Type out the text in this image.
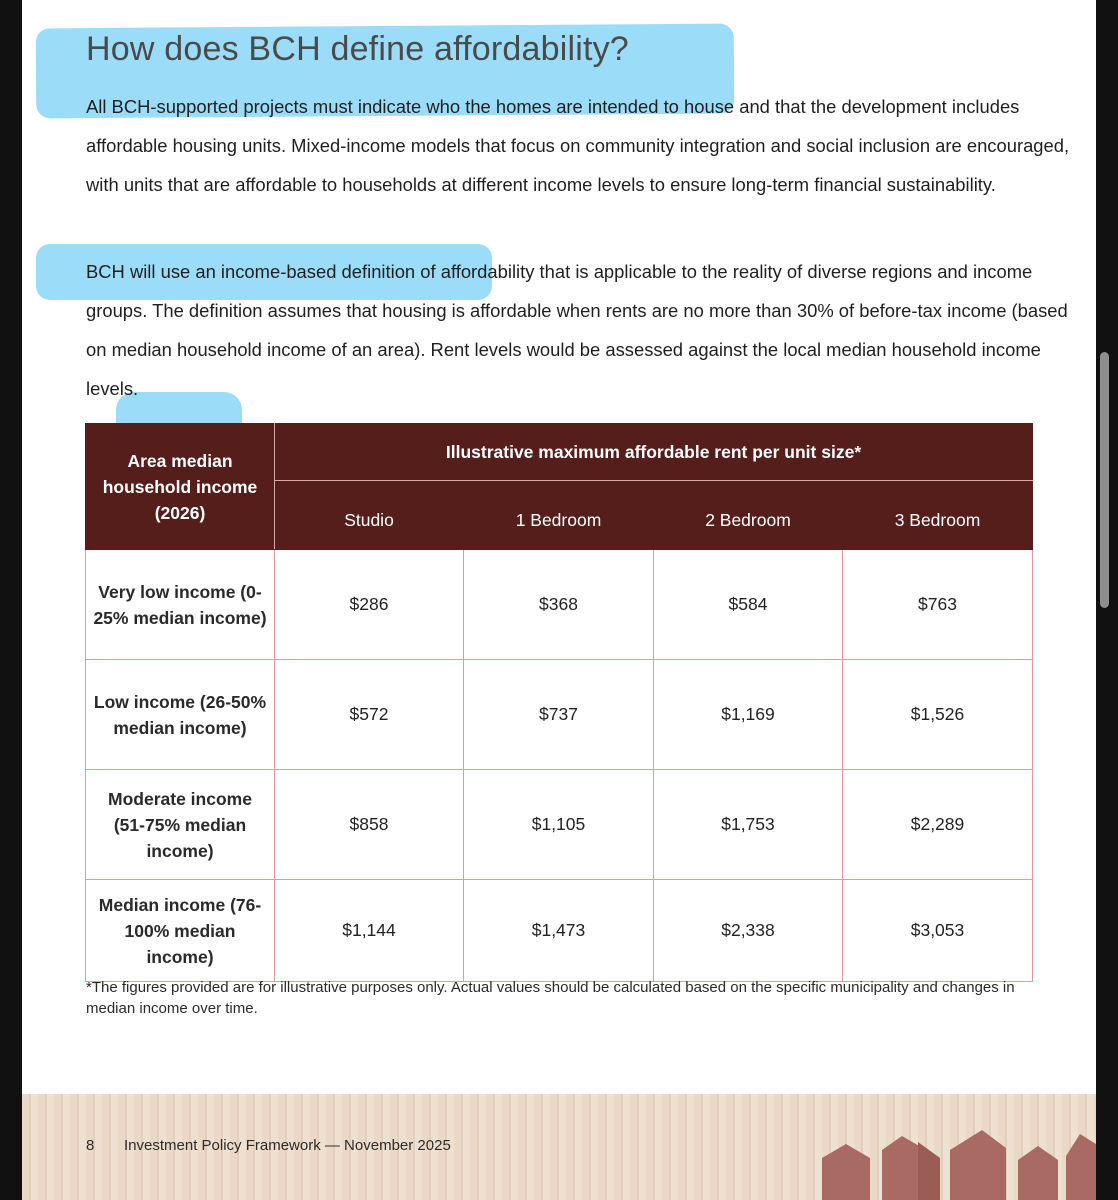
How does BCH define affordability?

All BCH-supported projects must indicate who the homes are intended to house and that the development includes affordable housing units. Mixed-income models that focus on community integration and social inclusion are encouraged, with units that are affordable to households at different income levels to ensure long-term financial sustainability.

BCH will use an income-based definition of affordability that is applicable to the reality of diverse regions and income groups. The definition assumes that housing is affordable when rents are no more than 30% of before-tax income (based on median household income of an area). Rent levels would be assessed against the local median household income levels.

Area median household income (2026)	Illustrative maximum affordable rent per unit size*			
	Studio	1 Bedroom	2 Bedroom	3 Bedroom
Very low income (0-25% median income)	$286	$368	$584	$763
Low income (26-50% median income)	$572	$737	$1,169	$1,526
Moderate income (51-75% median income)	$858	$1,105	$1,753	$2,289
Median income (76-100% median income)	$1,144	$1,473	$2,338	$3,053

*The figures provided are for illustrative purposes only. Actual values should be calculated based on the specific municipality and changes in median income over time.

8 Investment Policy Framework — November 2025
